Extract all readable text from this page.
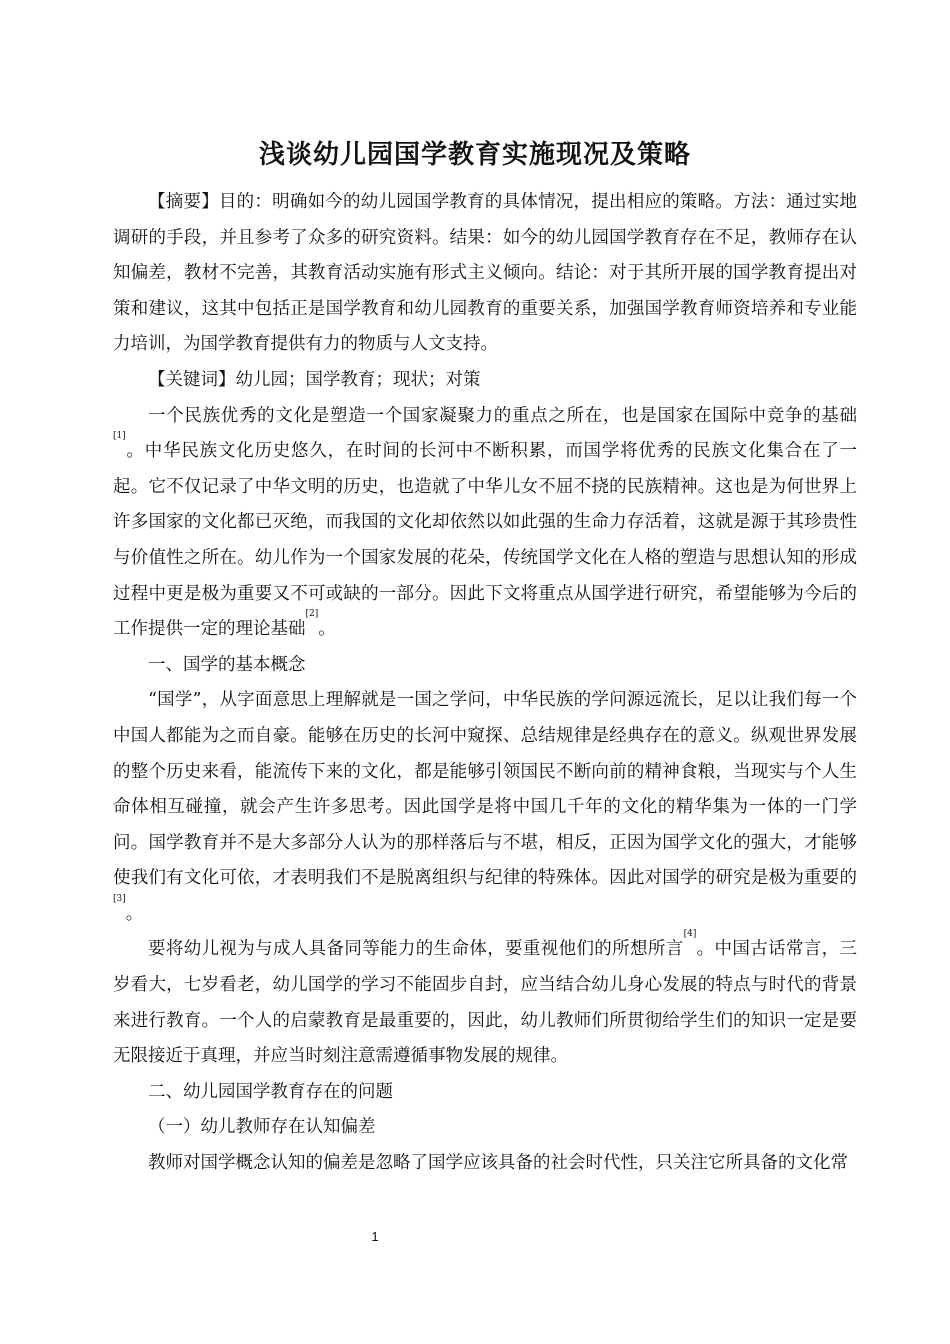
浅谈幼儿园国学教育实施现况及策略

【摘要】目的：明确如今的幼儿园国学教育的具体情况，提出相应的策略。方法：通过实地调研的手段，并且参考了众多的研究资料。结果：如今的幼儿园国学教育存在不足，教师存在认知偏差，教材不完善，其教育活动实施有形式主义倾向。结论：对于其所开展的国学教育提出对策和建议，这其中包括正是国学教育和幼儿园教育的重要关系，加强国学教育师资培养和专业能力培训，为国学教育提供有力的物质与人文支持。

【关键词】幼儿园；国学教育；现状；对策

一个民族优秀的文化是塑造一个国家凝聚力的重点之所在，也是国家在国际中竞争的基础[1]。中华民族文化历史悠久，在时间的长河中不断积累，而国学将优秀的民族文化集合在了一起。它不仅记录了中华文明的历史，也造就了中华儿女不屈不挠的民族精神。这也是为何世界上许多国家的文化都已灭绝，而我国的文化却依然以如此强的生命力存活着，这就是源于其珍贵性与价值性之所在。幼儿作为一个国家发展的花朵，传统国学文化在人格的塑造与思想认知的形成过程中更是极为重要又不可或缺的一部分。因此下文将重点从国学进行研究，希望能够为今后的工作提供一定的理论基础[2]。

一、国学的基本概念

“国学”，从字面意思上理解就是一国之学问，中华民族的学问源远流长，足以让我们每一个中国人都能为之而自豪。能够在历史的长河中窥探、总结规律是经典存在的意义。纵观世界发展的整个历史来看，能流传下来的文化，都是能够引领国民不断向前的精神食粮，当现实与个人生命体相互碰撞，就会产生许多思考。因此国学是将中国几千年的文化的精华集为一体的一门学问。国学教育并不是大多部分人认为的那样落后与不堪，相反，正因为国学文化的强大，才能够使我们有文化可依，才表明我们不是脱离组织与纪律的特殊体。因此对国学的研究是极为重要的[3]。

要将幼儿视为与成人具备同等能力的生命体，要重视他们的所想所言[4]。中国古话常言，三岁看大，七岁看老，幼儿国学的学习不能固步自封，应当结合幼儿身心发展的特点与时代的背景来进行教育。一个人的启蒙教育是最重要的，因此，幼儿教师们所贯彻给学生们的知识一定是要无限接近于真理，并应当时刻注意需遵循事物发展的规律。

二、幼儿园国学教育存在的问题

（一）幼儿教师存在认知偏差

教师对国学概念认知的偏差是忽略了国学应该具备的社会时代性，只关注它所具备的文化常

1
